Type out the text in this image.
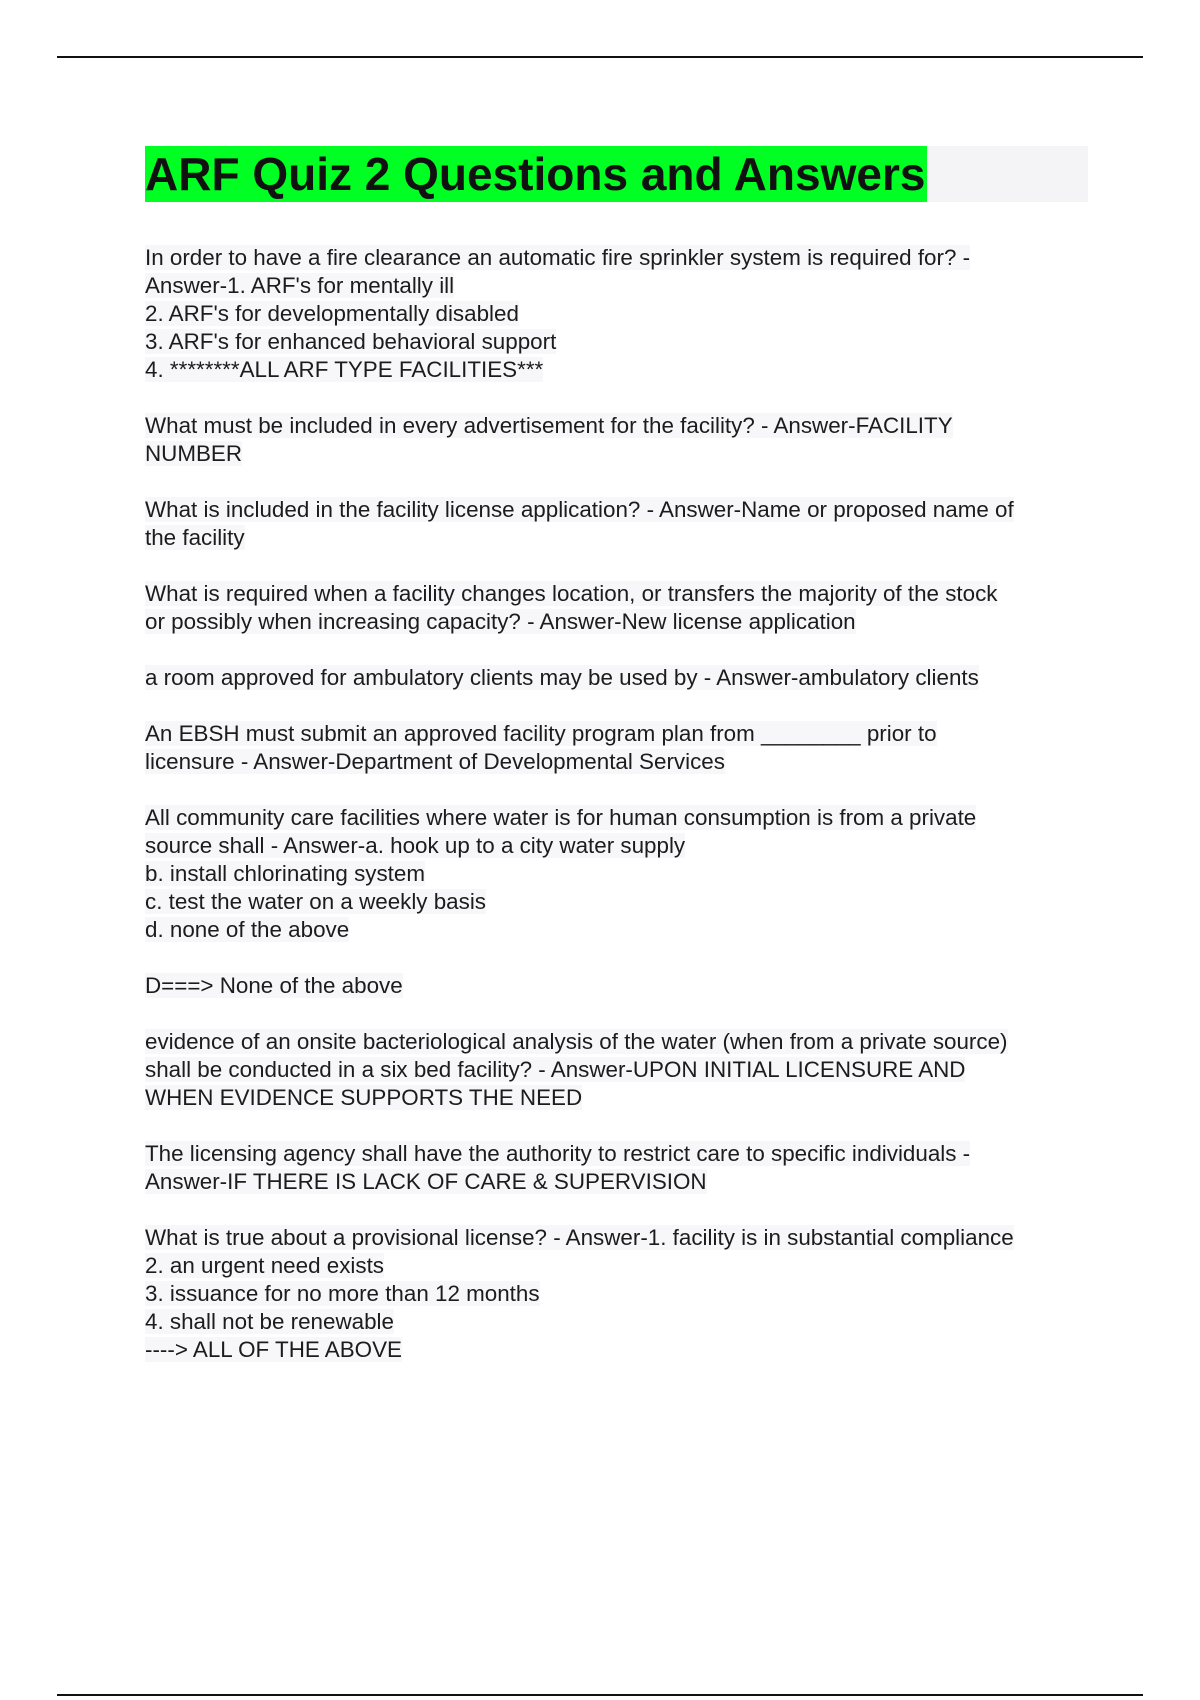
ARF Quiz 2 Questions and Answers
In order to have a fire clearance an automatic fire sprinkler system is required for? -
Answer-1. ARF's for mentally ill
2. ARF's for developmentally disabled
3. ARF's for enhanced behavioral support
4. ********ALL ARF TYPE FACILITIES***
What must be included in every advertisement for the facility? - Answer-FACILITY
NUMBER
What is included in the facility license application? - Answer-Name or proposed name of
the facility
What is required when a facility changes location, or transfers the majority of the stock
or possibly when increasing capacity? - Answer-New license application
a room approved for ambulatory clients may be used by - Answer-ambulatory clients
An EBSH must submit an approved facility program plan from ________ prior to
licensure - Answer-Department of Developmental Services
All community care facilities where water is for human consumption is from a private
source shall - Answer-a. hook up to a city water supply
b. install chlorinating system
c. test the water on a weekly basis
d. none of the above
D===> None of the above
evidence of an onsite bacteriological analysis of the water (when from a private source)
shall be conducted in a six bed facility? - Answer-UPON INITIAL LICENSURE AND
WHEN EVIDENCE SUPPORTS THE NEED
The licensing agency shall have the authority to restrict care to specific individuals -
Answer-IF THERE IS LACK OF CARE & SUPERVISION
What is true about a provisional license? - Answer-1. facility is in substantial compliance
2. an urgent need exists
3. issuance for no more than 12 months
4. shall not be renewable
----> ALL OF THE ABOVE
